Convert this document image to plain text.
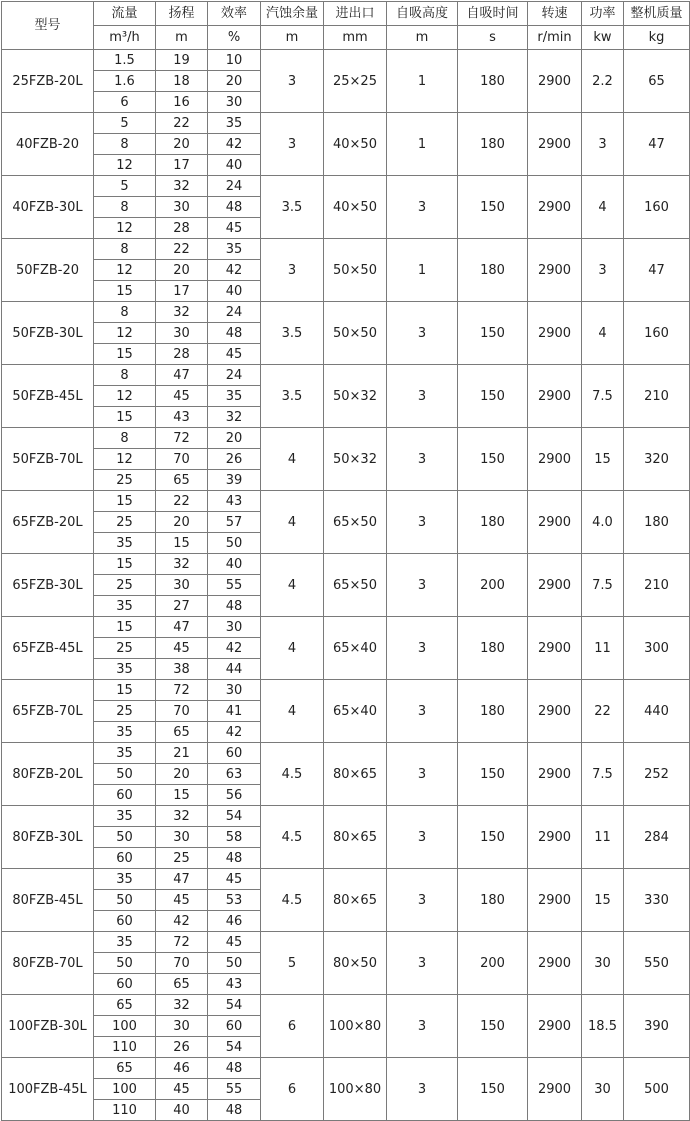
型号	流量	扬程	效率	汽蚀余量	进出口	自吸高度	自吸时间	转速	功率	整机质量
	m³/h	m	%	m	mm	m	s	r/min	kw	kg
25FZB-20L	1.5	19	10	3	25×25	1	180	2900	2.2	65
	1.6	18	20							
	6	16	30							
40FZB-20	5	22	35	3	40×50	1	180	2900	3	47
	8	20	42							
	12	17	40							
40FZB-30L	5	32	24	3.5	40×50	3	150	2900	4	160
	8	30	48							
	12	28	45							
50FZB-20	8	22	35	3	50×50	1	180	2900	3	47
	12	20	42							
	15	17	40							
50FZB-30L	8	32	24	3.5	50×50	3	150	2900	4	160
	12	30	48							
	15	28	45							
50FZB-45L	8	47	24	3.5	50×32	3	150	2900	7.5	210
	12	45	35							
	15	43	32							
50FZB-70L	8	72	20	4	50×32	3	150	2900	15	320
	12	70	26							
	25	65	39							
65FZB-20L	15	22	43	4	65×50	3	180	2900	4.0	180
	25	20	57							
	35	15	50							
65FZB-30L	15	32	40	4	65×50	3	200	2900	7.5	210
	25	30	55							
	35	27	48							
65FZB-45L	15	47	30	4	65×40	3	180	2900	11	300
	25	45	42							
	35	38	44							
65FZB-70L	15	72	30	4	65×40	3	180	2900	22	440
	25	70	41							
	35	65	42							
80FZB-20L	35	21	60	4.5	80×65	3	150	2900	7.5	252
	50	20	63							
	60	15	56							
80FZB-30L	35	32	54	4.5	80×65	3	150	2900	11	284
	50	30	58							
	60	25	48							
80FZB-45L	35	47	45	4.5	80×65	3	180	2900	15	330
	50	45	53							
	60	42	46							
80FZB-70L	35	72	45	5	80×50	3	200	2900	30	550
	50	70	50							
	60	65	43							
100FZB-30L	65	32	54	6	100×80	3	150	2900	18.5	390
	100	30	60							
	110	26	54							
100FZB-45L	65	46	48	6	100×80	3	150	2900	30	500
	100	45	55							
	110	40	48							
